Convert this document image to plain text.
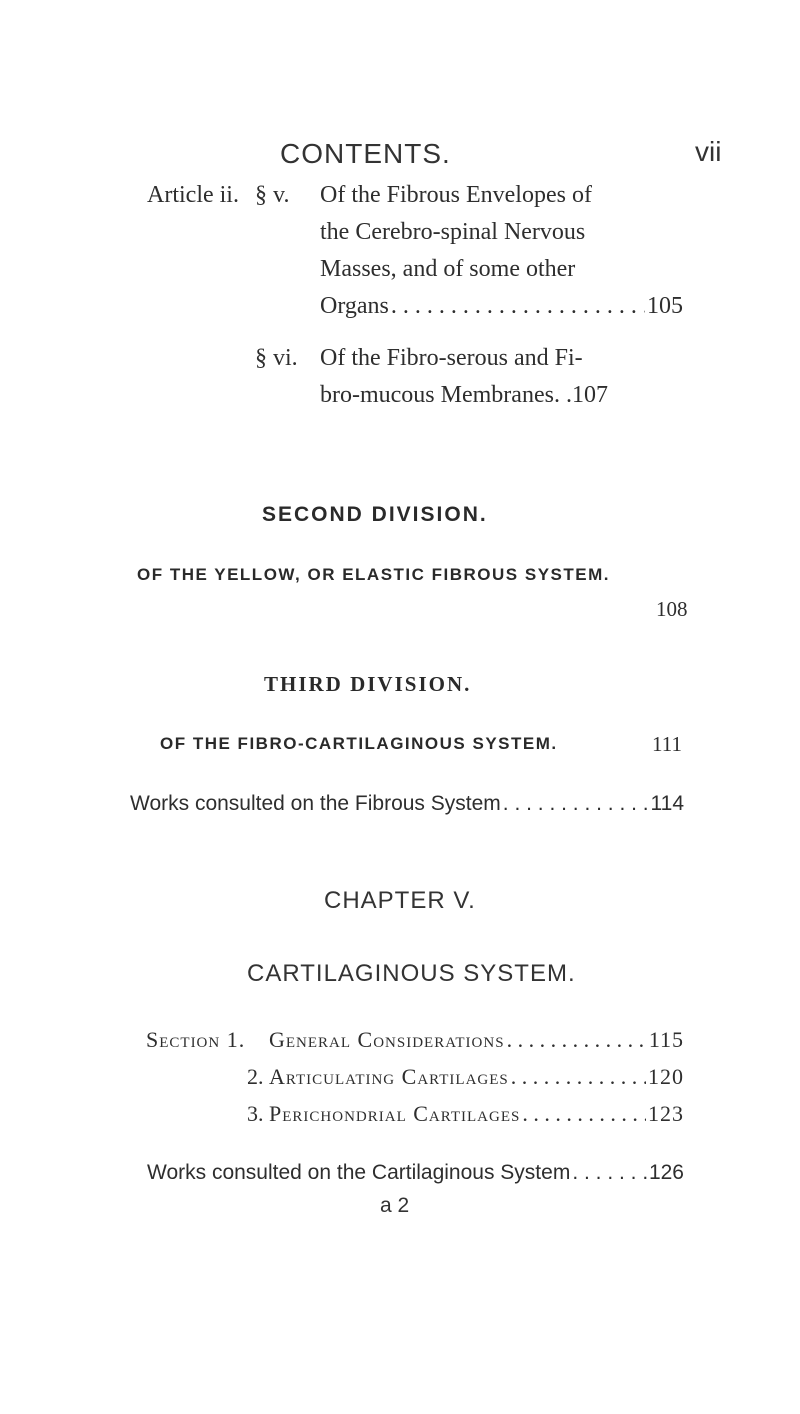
CONTENTS.	vii
Article ii. § v. Of the Fibrous Envelopes of
the Cerebro-spinal Nervous
Masses, and of some other
Organs . . .	105
§ vi. Of the Fibro-serous and Fi-
bro-mucous Membranes. .107
SECOND DIVISION.
OF THE YELLOW, OR ELASTIC FIBROUS SYSTEM.
108
THIRD DIVISION.
OF THE FIBRO-CARTILAGINOUS SYSTEM.	111
Works consulted on the Fibrous System . . .	114
CHAPTER V.
CARTILAGINOUS SYSTEM.
Section 1. General Considerations . . .	115
2. Articulating Cartilages . . .	120
3. Perichondrial Cartilages . . .	123
Works consulted on the Cartilaginous System . . .	126
a 2
